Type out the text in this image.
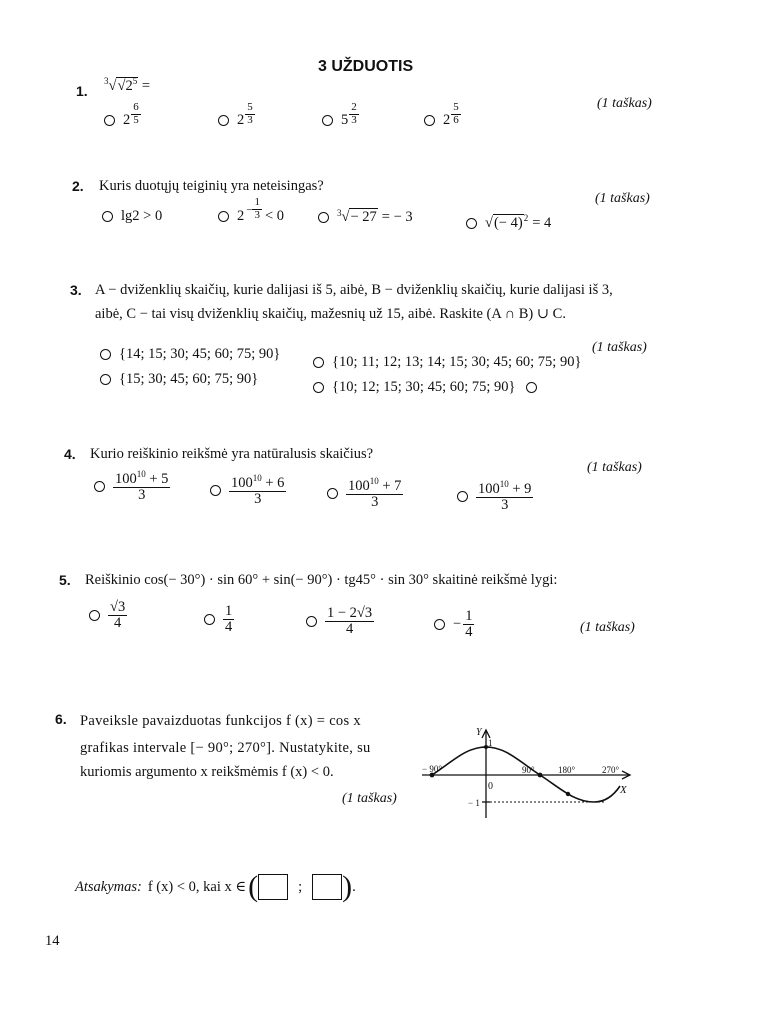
3 UŽDUOTIS
1.
$^3√√2^5$ =
(1 taškas)
$2 \frac{6}{5}$	$2 \frac{5}{3}$	$5 \frac{2}{3}$	$2 \frac{5}{6}$
2. Kuris duotųjų teiginių yra neteisingas?
(1 taškas)
lg2 > 0	$2 - \frac{1}{3} < 0$	$^3$ √ − 27 = − 3	√ (− 4)$^2$ = 4
3. A − dviženklių skaičių, kurie dalijasi iš 5, aibė, B − dviženklių skaičių, kurie dalijasi iš 3,
aibė, C − tai visų dviženklių skaičių, mažesnių už 15, aibė. Raskite (A ∩ B) ∪ C.
(1 taškas)
{14; 15; 30; 45; 60; 75; 90}	{10; 11; 12; 13; 14; 15; 30; 45; 60; 75; 90}
{15; 30; 45; 60; 75; 90}	{10; 12; 15; 30; 45; 60; 75; 90}
4. Kurio reiškinio reikšmė yra natūralusis skaičius?
(1 taškas)
$\frac{100^{10} + 5}{3}$	$\frac{100^{10} + 6}{3}$	$\frac{100^{10} + 7}{3}$	$\frac{100^{10} + 9}{3}$
5. Reiškinio cos(− 30°) · sin 60° + sin(− 90°) · tg45° · sin 30° skaitinė reikšmė lygi:
(1 taškas)
$\frac{√3}{4}$	$\frac{1}{4}$	$\frac{1 - 2√3}{4}$	− $\frac{1}{4}$
6. Paveiksle pavaizduotas funkcijos f (x) = cos x
grafikas intervale [− 90°; 270°]. Nustatykite, su
kuriomis argumento x reikšmėmis f (x) < 0.
(1 taškas)
Y
X
1
− 1
0
− 90°	90°	180°	270°
Atsakymas: f (x) < 0, kai x ∈ (	; ) .
14
